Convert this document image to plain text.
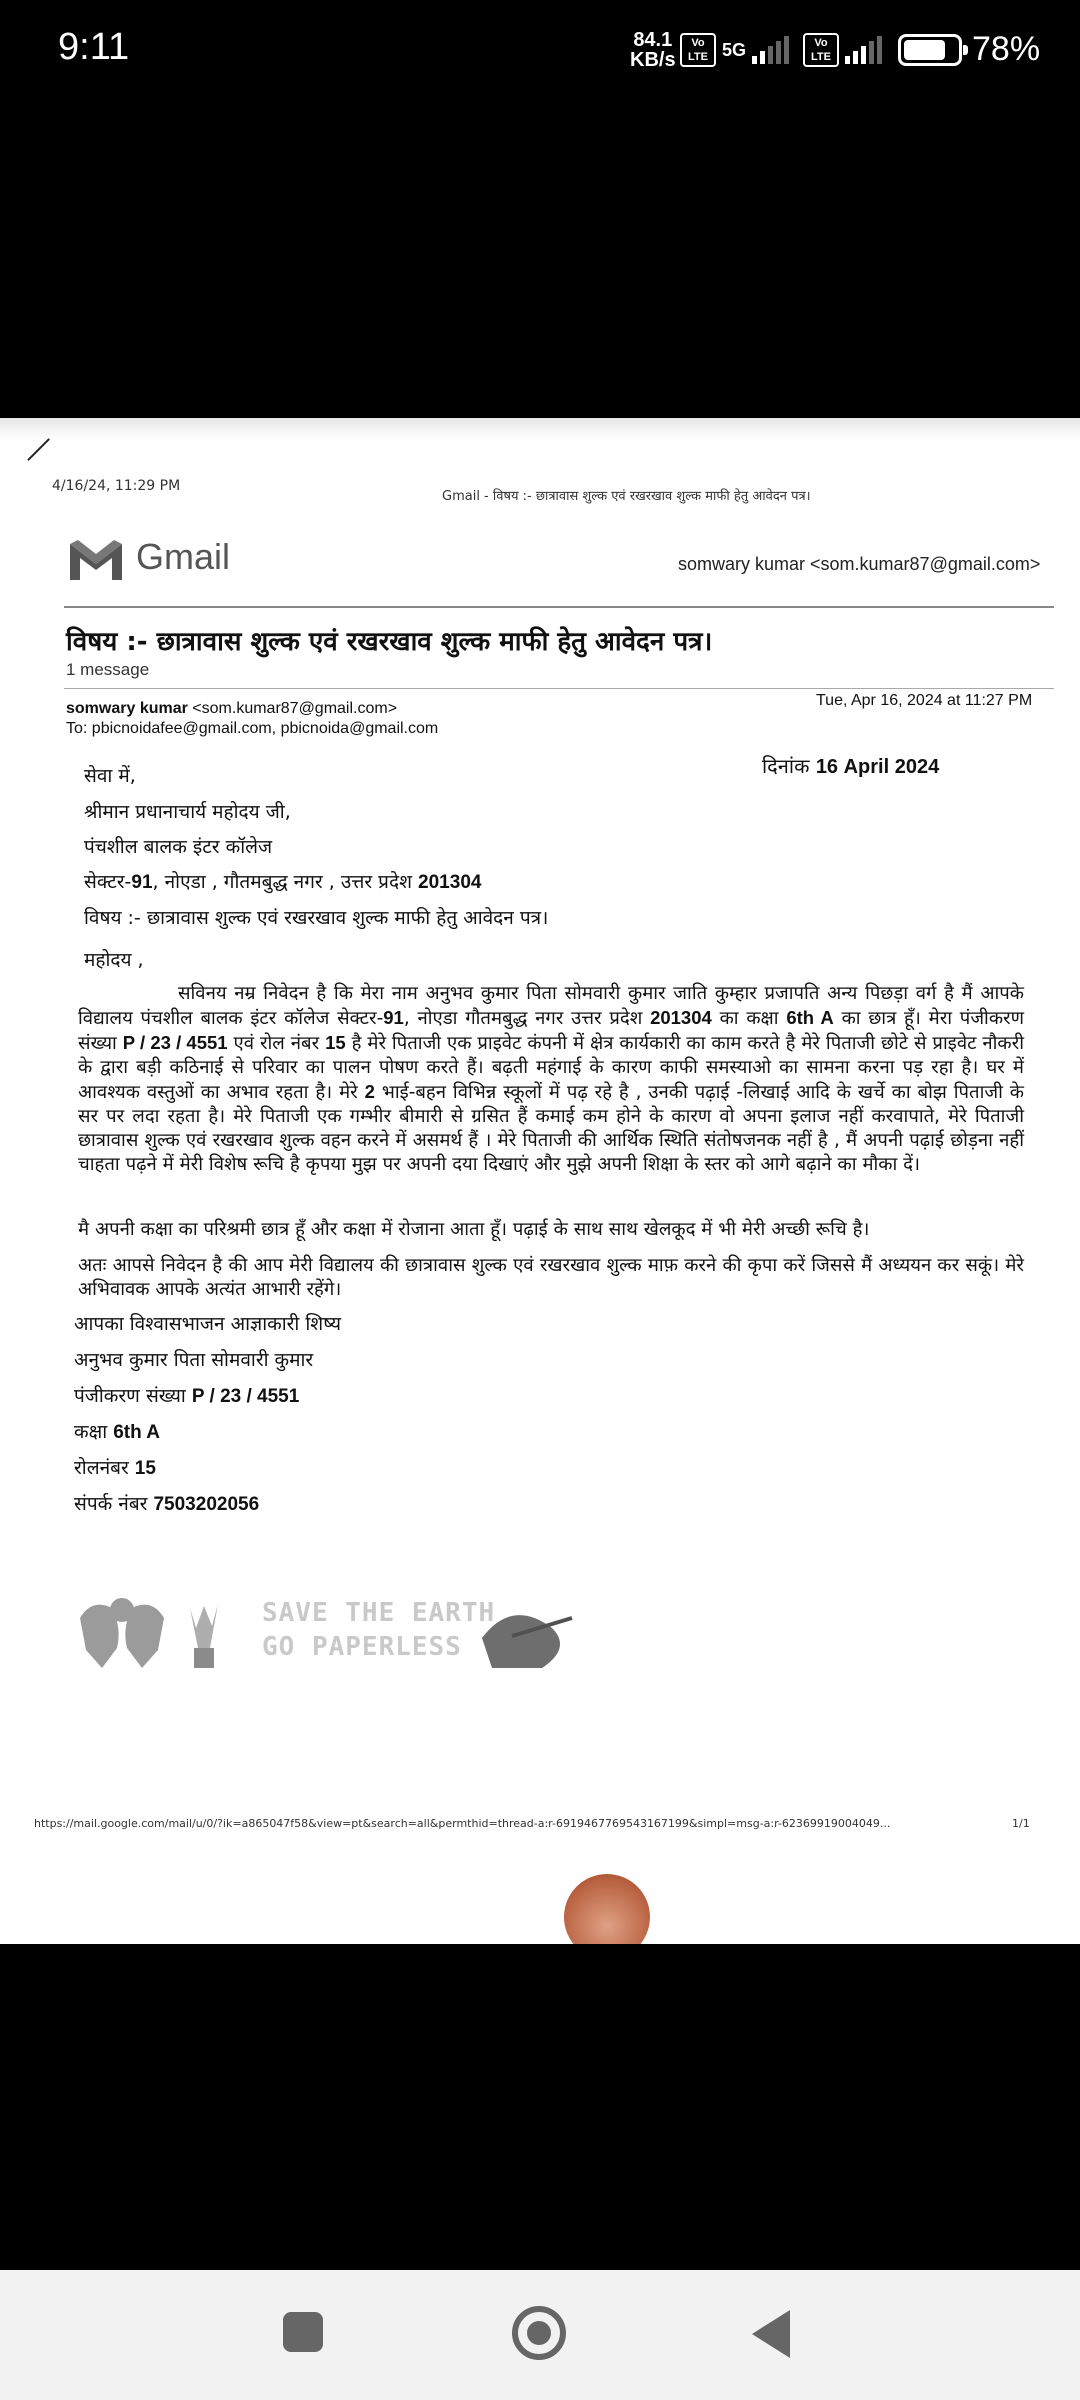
9:11	84.1
KB/s
Vo LTE 5G	Vo LTE	78%
4/16/24, 11:29 PM
Gmail - विषय :- छात्रावास शुल्क एवं रखरखाव शुल्क माफी हेतु आवेदन पत्र।
Gmail	somwary kumar <som.kumar87@gmail.com>
विषय :- छात्रावास शुल्क एवं रखरखाव शुल्क माफी हेतु आवेदन पत्र।
1 message
somwary kumar <som.kumar87@gmail.com>
To: pbicnoidafee@gmail.com, pbicnoida@gmail.com
Tue, Apr 16, 2024 at 11:27 PM
दिनांक 16 April 2024
सेवा में,
श्रीमान प्रधानाचार्य महोदय जी,
पंचशील बालक इंटर कॉलेज
सेक्टर-91, नोएडा , गौतमबुद्ध नगर , उत्तर प्रदेश 201304
विषय :- छात्रावास शुल्क एवं रखरखाव शुल्क माफी हेतु आवेदन पत्र।
महोदय ,
सविनय नम्र निवेदन है कि मेरा नाम अनुभव कुमार पिता सोमवारी कुमार जाति कुम्हार प्रजापति अन्य पिछड़ा वर्ग है मैं आपके विद्यालय पंचशील बालक इंटर कॉलेज सेक्टर-91, नोएडा गौतमबुद्ध नगर उत्तर प्रदेश 201304 का कक्षा 6th A का छात्र हूँ। मेरा पंजीकरण संख्या P / 23 / 4551 एवं रोल नंबर 15 है मेरे पिताजी एक प्राइवेट कंपनी में क्षेत्र कार्यकारी का काम करते है मेरे पिताजी छोटे से प्राइवेट नौकरी के द्वारा बड़ी कठिनाई से परिवार का पालन पोषण करते हैं। बढ़ती महंगाई के कारण काफी समस्याओ का सामना करना पड़ रहा है। घर में आवश्यक वस्तुओं का अभाव रहता है। मेरे 2 भाई-बहन विभिन्न स्कूलों में पढ़ रहे है , उनकी पढ़ाई -लिखाई आदि के खर्चे का बोझ पिताजी के सर पर लदा रहता है। मेरे पिताजी एक गम्भीर बीमारी से ग्रसित हैं कमाई कम होने के कारण वो अपना इलाज नहीं करवापाते, मेरे पिताजी छात्रावास शुल्क एवं रखरखाव शुल्क वहन करने में असमर्थ हैं । मेरे पिताजी की आर्थिक स्थिति संतोषजनक नहीं है , मैं अपनी पढ़ाई छोड़ना नहीं चाहता पढ़ने में मेरी विशेष रूचि है कृपया मुझ पर अपनी दया दिखाएं और मुझे अपनी शिक्षा के स्तर को आगे बढ़ाने का मौका दें।
मै अपनी कक्षा का परिश्रमी छात्र हूँ और कक्षा में रोजाना आता हूँ। पढ़ाई के साथ साथ खेलकूद में भी मेरी अच्छी रूचि है।
अतः आपसे निवेदन है की आप मेरी विद्यालय की छात्रावास शुल्क एवं रखरखाव शुल्क माफ़ करने की कृपा करें जिससे मैं अध्ययन कर सकूं। मेरे अभिवावक आपके अत्यंत आभारी रहेंगे।
आपका विश्वासभाजन आज्ञाकारी शिष्य
अनुभव कुमार पिता सोमवारी कुमार
पंजीकरण संख्या P / 23 / 4551
कक्षा 6th A
रोलनंबर 15
संपर्क नंबर 7503202056
SAVE THE EARTH
GO PAPERLESS
https://mail.google.com/mail/u/0/?ik=a865047f58&view=pt&search=all&permthid=thread-a:r-6919467769543167199&simpl=msg-a:r-62369919004049...	1/1
